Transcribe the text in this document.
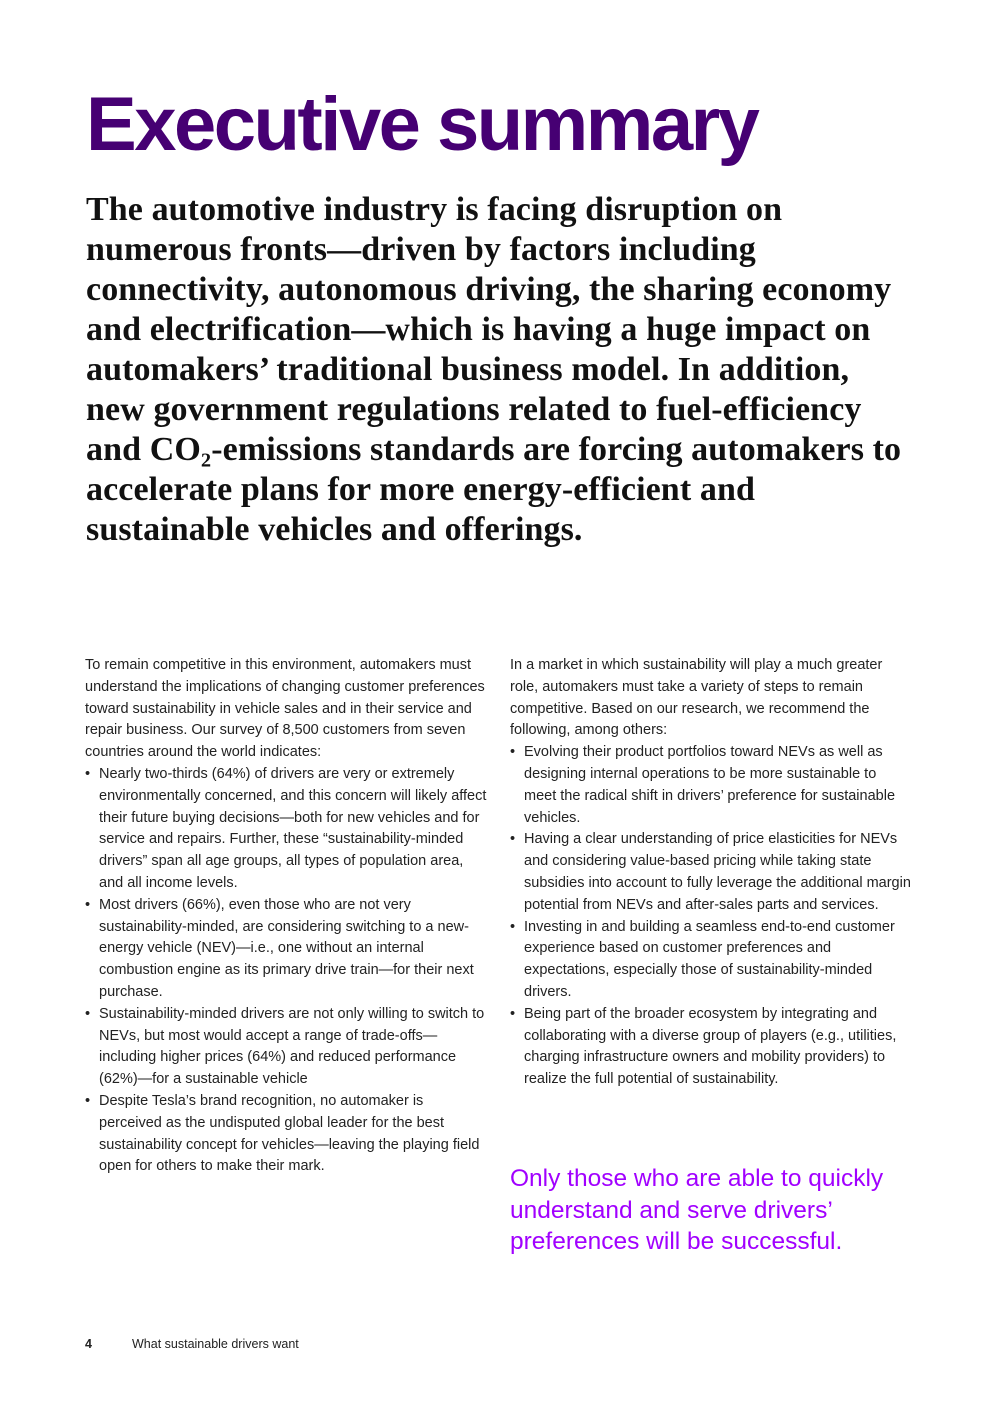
Executive summary

The automotive industry is facing disruption on numerous fronts—driven by factors including connectivity, autonomous driving, the sharing economy and electrification—which is having a huge impact on automakers’ traditional business model. In addition, new government regulations related to fuel-efficiency and CO₂-emissions standards are forcing automakers to accelerate plans for more energy-efficient and sustainable vehicles and offerings.

To remain competitive in this environment, automakers must understand the implications of changing customer preferences toward sustainability in vehicle sales and in their service and repair business. Our survey of 8,500 customers from seven countries around the world indicates:

• Nearly two-thirds (64%) of drivers are very or extremely environmentally concerned, and this concern will likely affect their future buying decisions—both for new vehicles and for service and repairs. Further, these “sustainability-minded drivers” span all age groups, all types of population area, and all income levels.
• Most drivers (66%), even those who are not very sustainability-minded, are considering switching to a new-energy vehicle (NEV)—i.e., one without an internal combustion engine as its primary drive train—for their next purchase.
• Sustainability-minded drivers are not only willing to switch to NEVs, but most would accept a range of trade-offs—including higher prices (64%) and reduced performance (62%)—for a sustainable vehicle
• Despite Tesla’s brand recognition, no automaker is perceived as the undisputed global leader for the best sustainability concept for vehicles—leaving the playing field open for others to make their mark.

In a market in which sustainability will play a much greater role, automakers must take a variety of steps to remain competitive. Based on our research, we recommend the following, among others:

• Evolving their product portfolios toward NEVs as well as designing internal operations to be more sustainable to meet the radical shift in drivers’ preference for sustainable vehicles.
• Having a clear understanding of price elasticities for NEVs and considering value-based pricing while taking state subsidies into account to fully leverage the additional margin potential from NEVs and after-sales parts and services.
• Investing in and building a seamless end-to-end customer experience based on customer preferences and expectations, especially those of sustainability-minded drivers.
• Being part of the broader ecosystem by integrating and collaborating with a diverse group of players (e.g., utilities, charging infrastructure owners and mobility providers) to realize the full potential of sustainability.

Only those who are able to quickly understand and serve drivers’ preferences will be successful.

4	What sustainable drivers want
